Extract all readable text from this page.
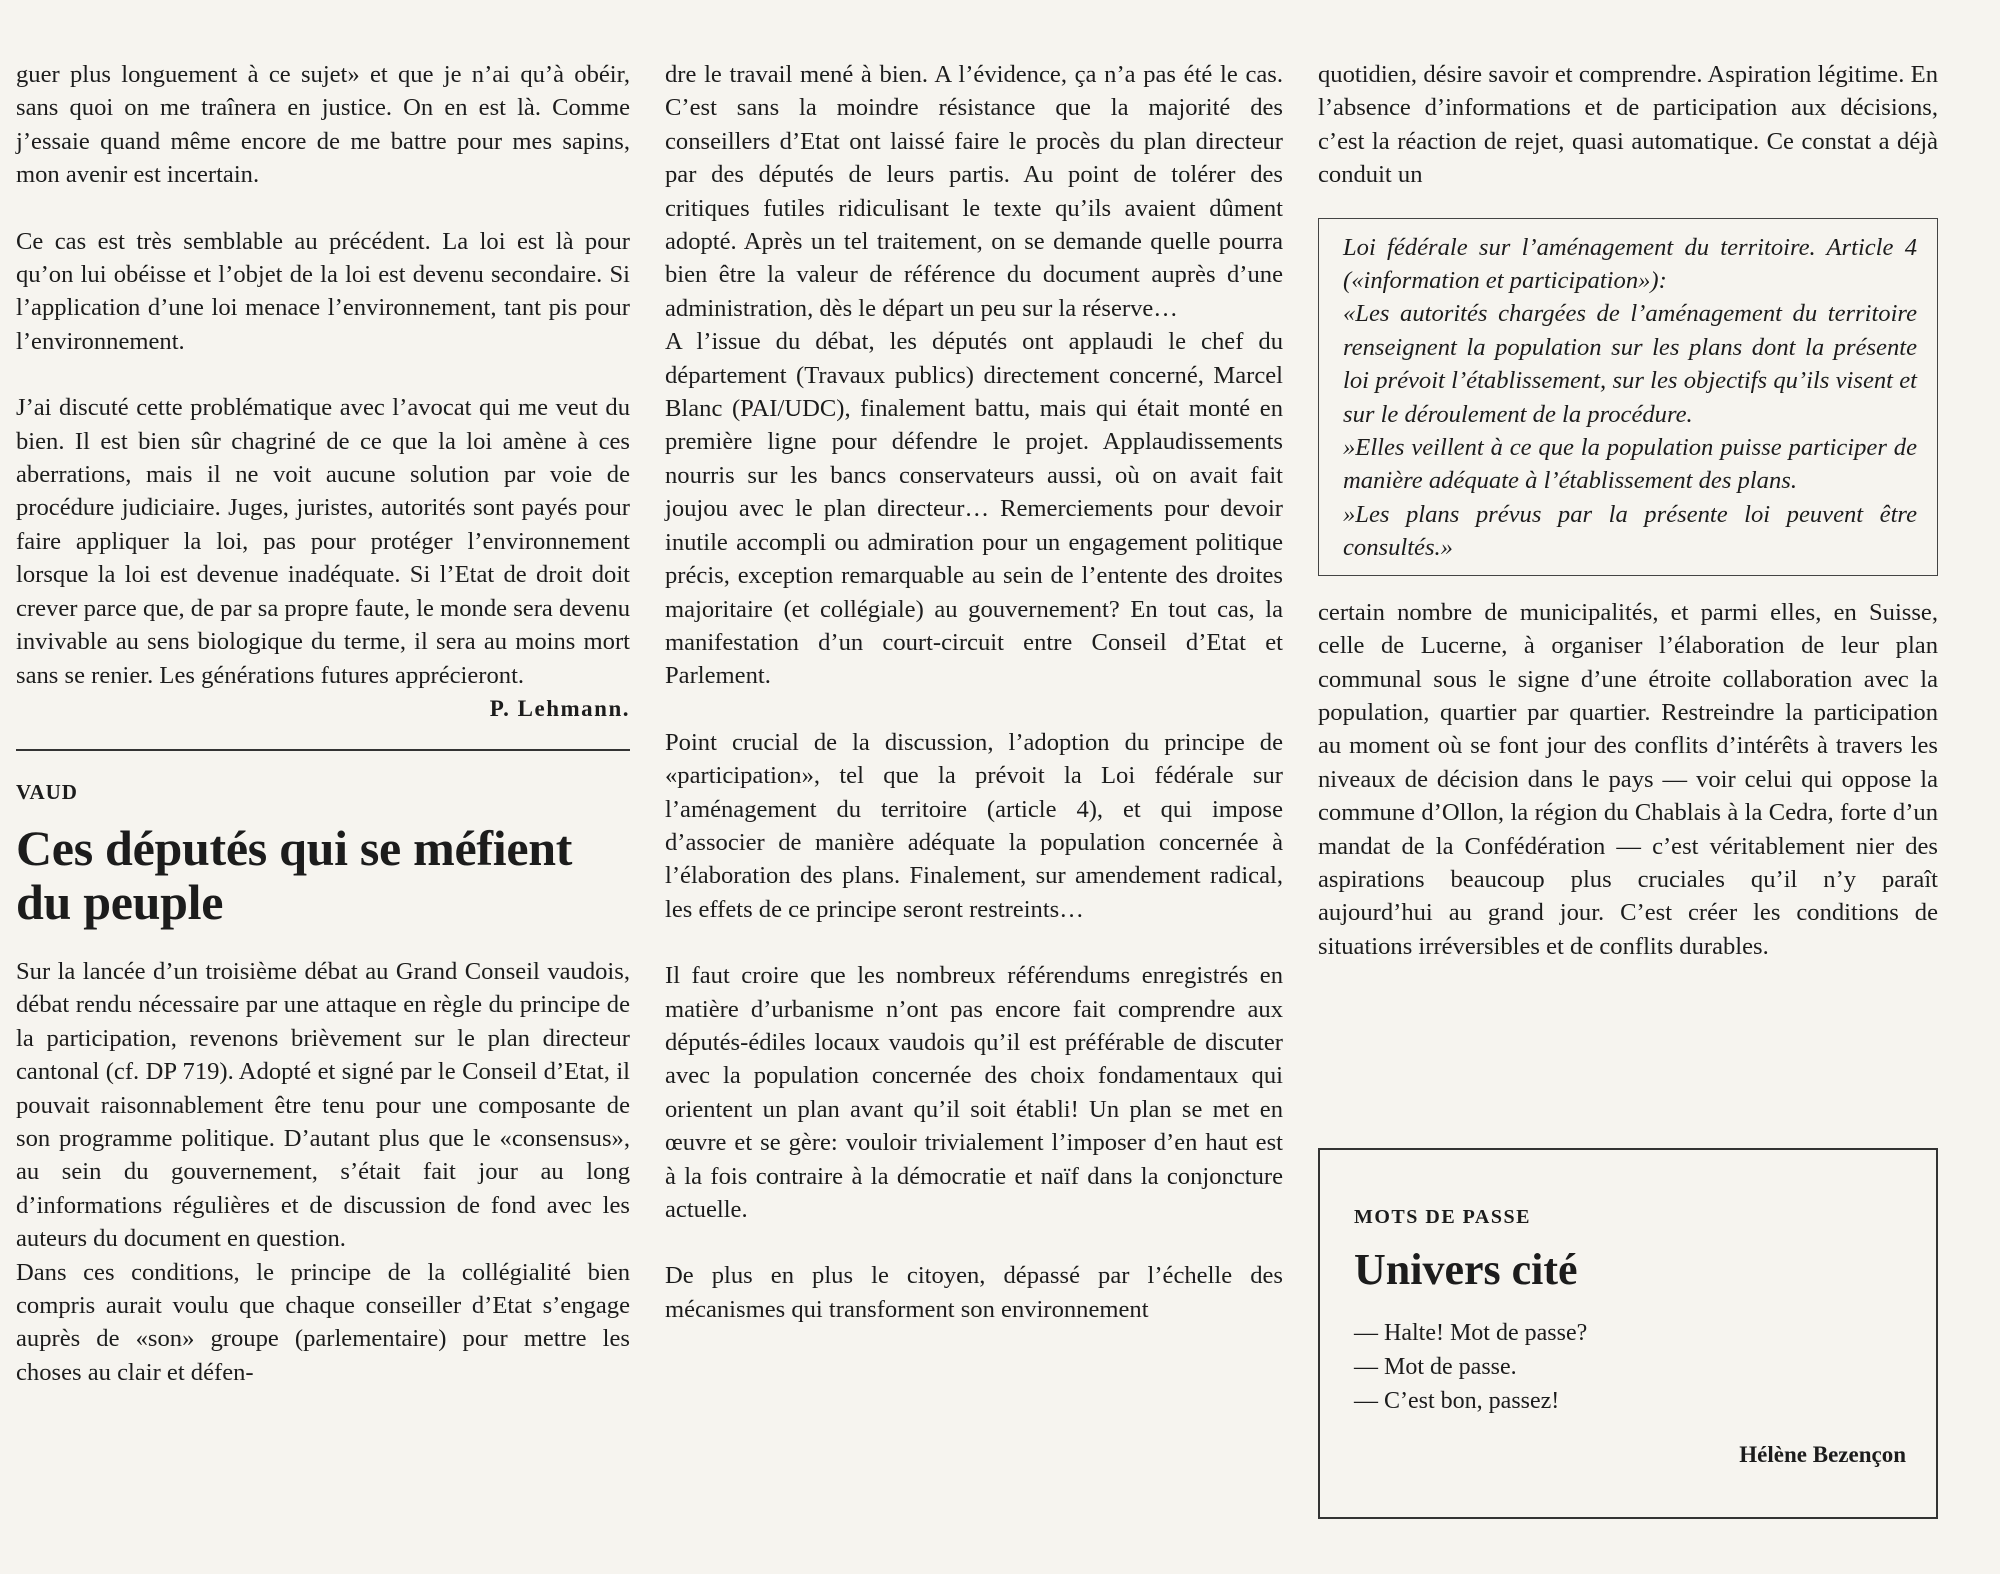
guer plus longuement à ce sujet» et que je n’ai qu’à obéir, sans quoi on me traînera en justice. On en est là. Comme j’essaie quand même encore de me battre pour mes sapins, mon avenir est incertain.

Ce cas est très semblable au précédent. La loi est là pour qu’on lui obéisse et l’objet de la loi est devenu secondaire. Si l’application d’une loi menace l’environnement, tant pis pour l’environnement.

J’ai discuté cette problématique avec l’avocat qui me veut du bien. Il est bien sûr chagriné de ce que la loi amène à ces aberrations, mais il ne voit aucune solution par voie de procédure judiciaire. Juges, juristes, autorités sont payés pour faire appliquer la loi, pas pour protéger l’environnement lorsque la loi est devenue inadéquate. Si l’Etat de droit doit crever parce que, de par sa propre faute, le monde sera devenu invivable au sens biologique du terme, il sera au moins mort sans se renier. Les générations futures apprécieront.

P. Lehmann.

VAUD

Ces députés qui se méfient du peuple

Sur la lancée d’un troisième débat au Grand Conseil vaudois, débat rendu nécessaire par une attaque en règle du principe de la participation, revenons brièvement sur le plan directeur cantonal (cf. DP 719). Adopté et signé par le Conseil d’Etat, il pouvait raisonnablement être tenu pour une composante de son programme politique. D’autant plus que le «consensus», au sein du gouvernement, s’était fait jour au long d’informations régulières et de discussion de fond avec les auteurs du document en question.

Dans ces conditions, le principe de la collégialité bien compris aurait voulu que chaque conseiller d’Etat s’engage auprès de «son» groupe (parlementaire) pour mettre les choses au clair et défen-

dre le travail mené à bien. A l’évidence, ça n’a pas été le cas. C’est sans la moindre résistance que la majorité des conseillers d’Etat ont laissé faire le procès du plan directeur par des députés de leurs partis. Au point de tolérer des critiques futiles ridiculisant le texte qu’ils avaient dûment adopté. Après un tel traitement, on se demande quelle pourra bien être la valeur de référence du document auprès d’une administration, dès le départ un peu sur la réserve…

A l’issue du débat, les députés ont applaudi le chef du département (Travaux publics) directement concerné, Marcel Blanc (PAI/UDC), finalement battu, mais qui était monté en première ligne pour défendre le projet. Applaudissements nourris sur les bancs conservateurs aussi, où on avait fait joujou avec le plan directeur… Remerciements pour devoir inutile accompli ou admiration pour un engagement politique précis, exception remarquable au sein de l’entente des droites majoritaire (et collégiale) au gouvernement? En tout cas, la manifestation d’un court-circuit entre Conseil d’Etat et Parlement.

Point crucial de la discussion, l’adoption du principe de «participation», tel que la prévoit la Loi fédérale sur l’aménagement du territoire (article 4), et qui impose d’associer de manière adéquate la population concernée à l’élaboration des plans. Finalement, sur amendement radical, les effets de ce principe seront restreints…

Il faut croire que les nombreux référendums enregistrés en matière d’urbanisme n’ont pas encore fait comprendre aux députés-édiles locaux vaudois qu’il est préférable de discuter avec la population concernée des choix fondamentaux qui orientent un plan avant qu’il soit établi! Un plan se met en œuvre et se gère: vouloir trivialement l’imposer d’en haut est à la fois contraire à la démocratie et naïf dans la conjoncture actuelle.

De plus en plus le citoyen, dépassé par l’échelle des mécanismes qui transforment son environnement

quotidien, désire savoir et comprendre. Aspiration légitime. En l’absence d’informations et de participation aux décisions, c’est la réaction de rejet, quasi automatique. Ce constat a déjà conduit un

Loi fédérale sur l’aménagement du territoire. Article 4 («information et participation»):

«Les autorités chargées de l’aménagement du territoire renseignent la population sur les plans dont la présente loi prévoit l’établissement, sur les objectifs qu’ils visent et sur le déroulement de la procédure.

»Elles veillent à ce que la population puisse participer de manière adéquate à l’établissement des plans.

»Les plans prévus par la présente loi peuvent être consultés.»

certain nombre de municipalités, et parmi elles, en Suisse, celle de Lucerne, à organiser l’élaboration de leur plan communal sous le signe d’une étroite collaboration avec la population, quartier par quartier. Restreindre la participation au moment où se font jour des conflits d’intérêts à travers les niveaux de décision dans le pays — voir celui qui oppose la commune d’Ollon, la région du Chablais à la Cedra, forte d’un mandat de la Confédération — c’est véritablement nier des aspirations beaucoup plus cruciales qu’il n’y paraît aujourd’hui au grand jour. C’est créer les conditions de situations irréversibles et de conflits durables.

MOTS DE PASSE

Univers cité

— Halte! Mot de passe?

— Mot de passe.

— C’est bon, passez!

Hélène Bezençon
